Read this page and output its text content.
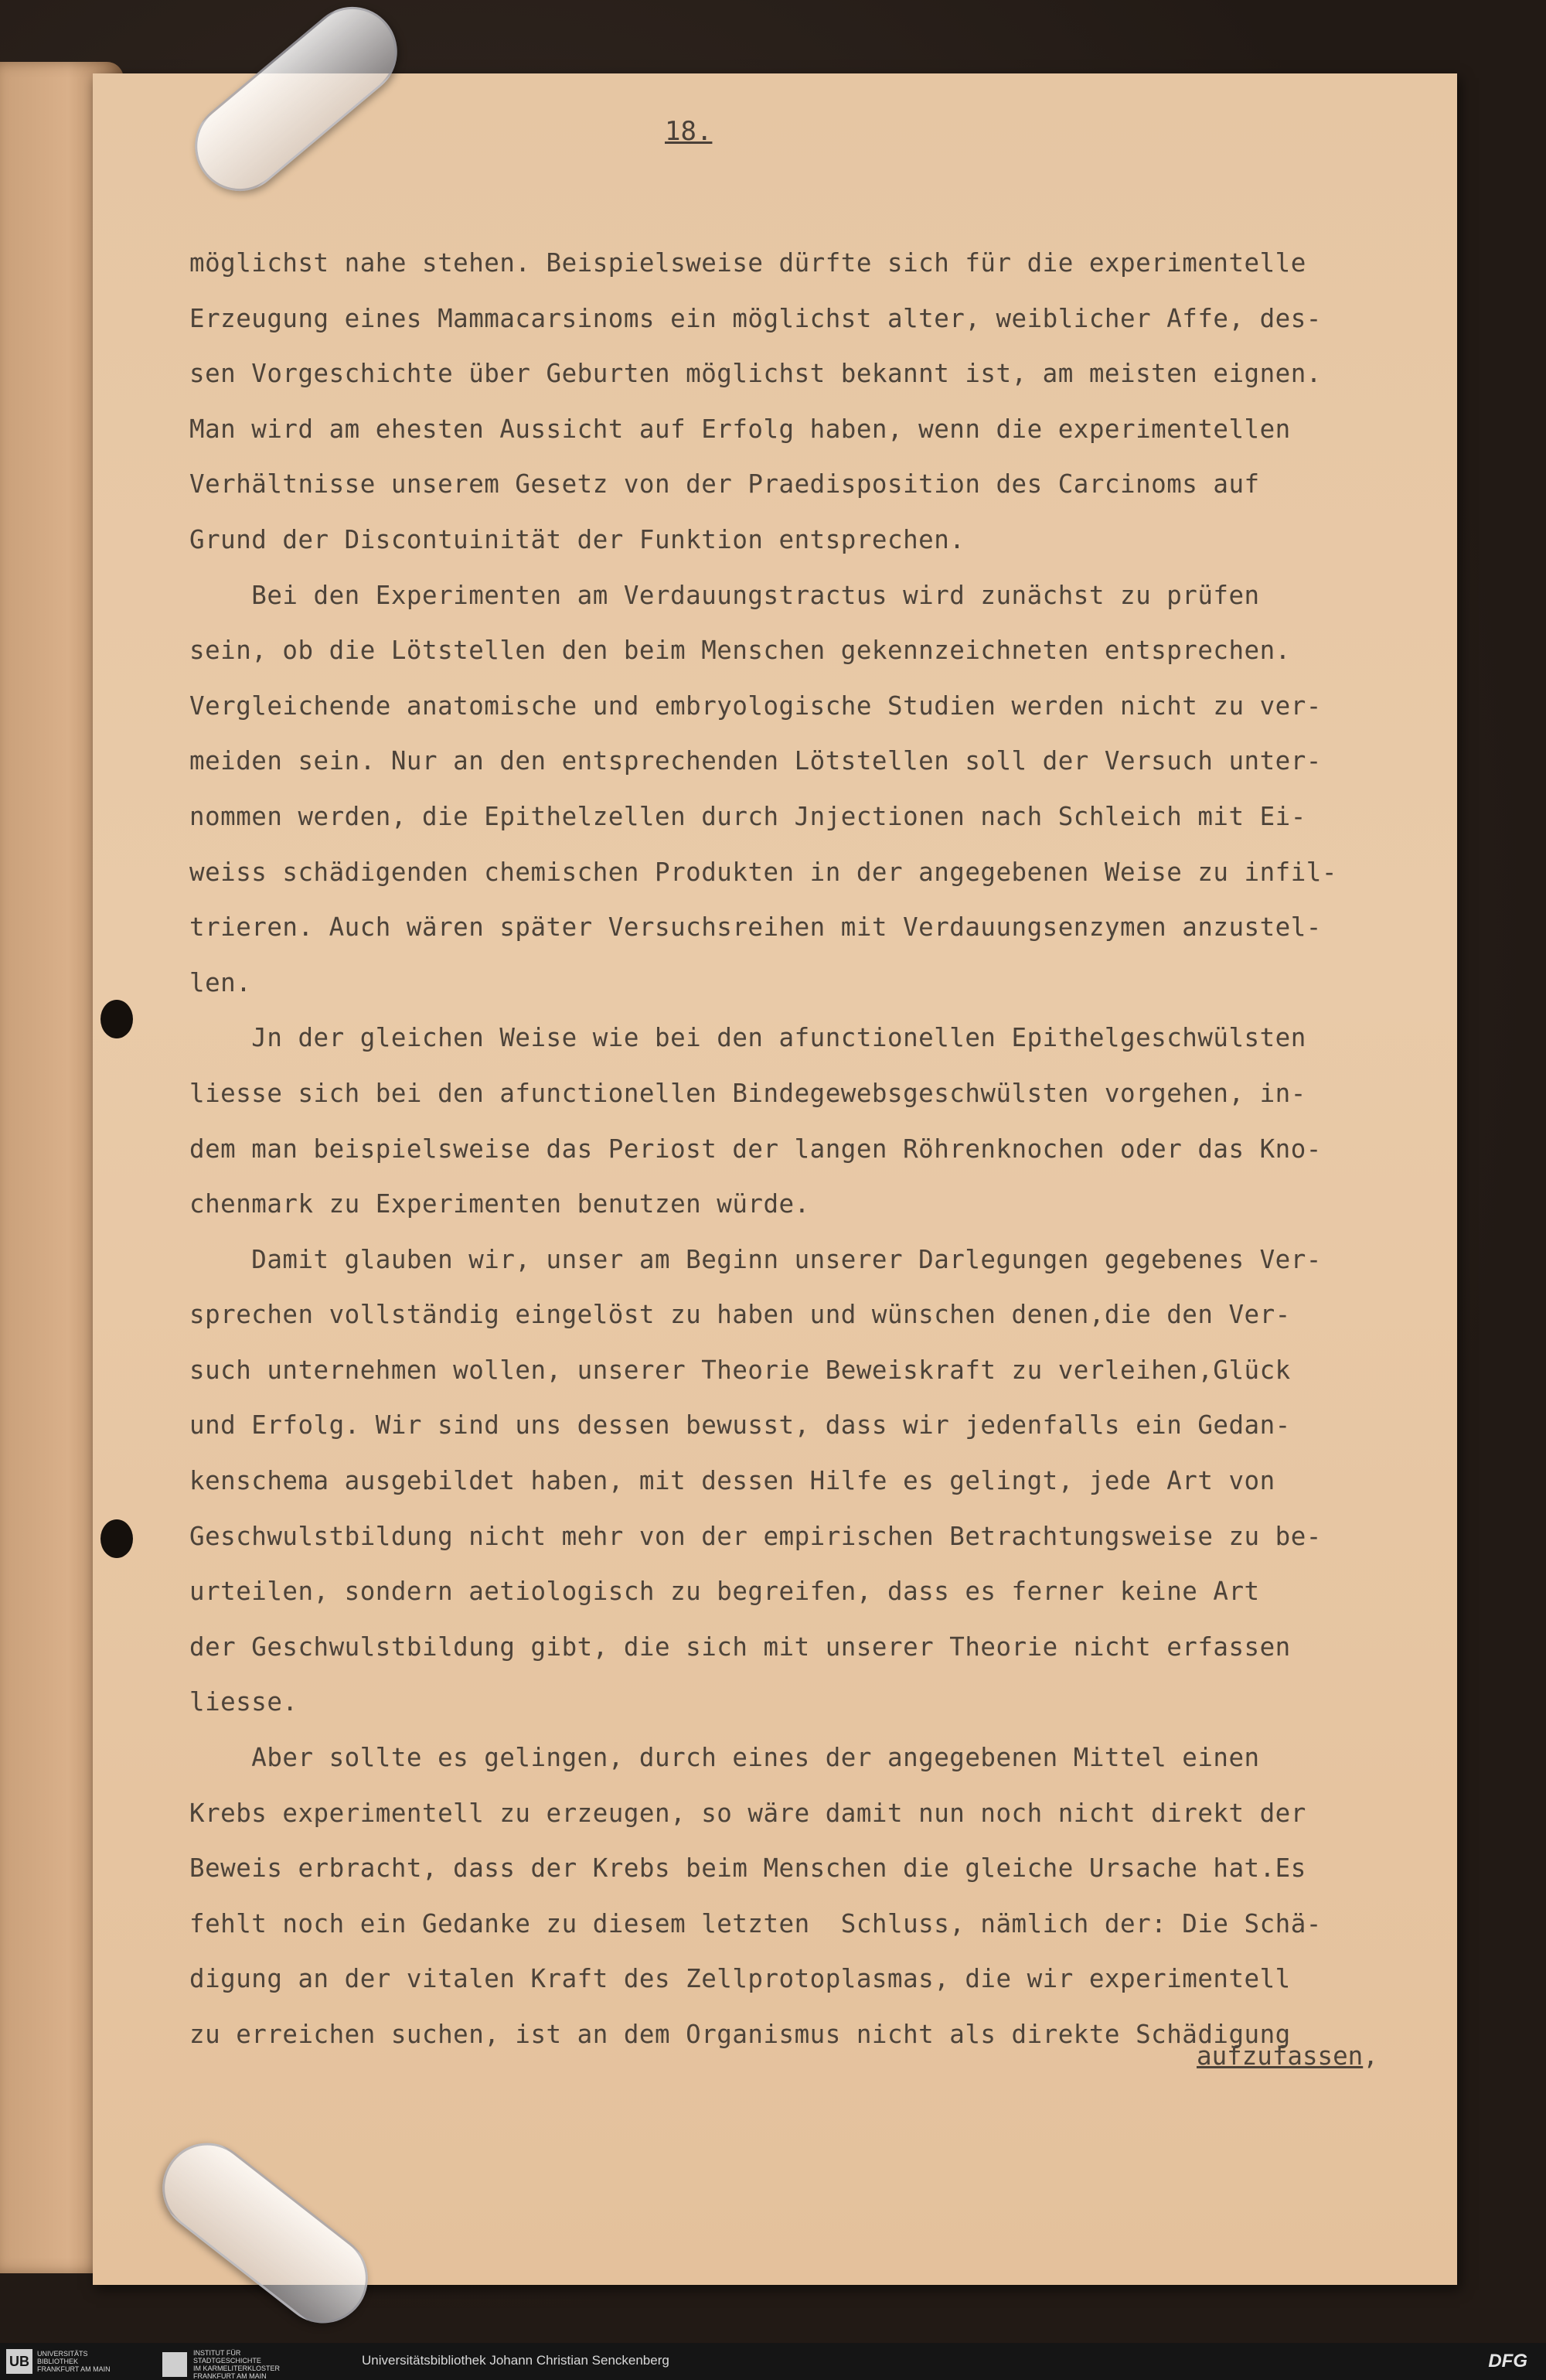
18.
möglichst nahe stehen. Beispielsweise dürfte sich für die experimentelle
Erzeugung eines Mammacarsinoms ein möglichst alter, weiblicher Affe, des-
sen Vorgeschichte über Geburten möglichst bekannt ist, am meisten eignen.
Man wird am ehesten Aussicht auf Erfolg haben, wenn die experimentellen
Verhältnisse unserem Gesetz von der Praedisposition des Carcinoms auf
Grund der Discontuinität der Funktion entsprechen.
Bei den Experimenten am Verdauungstractus wird zunächst zu prüfen
sein, ob die Lötstellen den beim Menschen gekennzeichneten entsprechen.
Vergleichende anatomische und embryologische Studien werden nicht zu ver-
meiden sein. Nur an den entsprechenden Lötstellen soll der Versuch unter-
nommen werden, die Epithelzellen durch Jnjectionen nach Schleich mit Ei-
weiss schädigenden chemischen Produkten in der angegebenen Weise zu infil-
trieren. Auch wären später Versuchsreihen mit Verdauungsenzymen anzustel-
len.
Jn der gleichen Weise wie bei den afunctionellen Epithelgeschwülsten
liesse sich bei den afunctionellen Bindegewebsgeschwülsten vorgehen, in-
dem man beispielsweise das Periost der langen Röhrenknochen oder das Kno-
chenmark zu Experimenten benutzen würde.
Damit glauben wir, unser am Beginn unserer Darlegungen gegebenes Ver-
sprechen vollständig eingelöst zu haben und wünschen denen,die den Ver-
such unternehmen wollen, unserer Theorie Beweiskraft zu verleihen,Glück
und Erfolg. Wir sind uns dessen bewusst, dass wir jedenfalls ein Gedan-
kenschema ausgebildet haben, mit dessen Hilfe es gelingt, jede Art von
Geschwulstbildung nicht mehr von der empirischen Betrachtungsweise zu be-
urteilen, sondern aetiologisch zu begreifen, dass es ferner keine Art
der Geschwulstbildung gibt, die sich mit unserer Theorie nicht erfassen
liesse.
Aber sollte es gelingen, durch eines der angegebenen Mittel einen
Krebs experimentell zu erzeugen, so wäre damit nun noch nicht direkt der
Beweis erbracht, dass der Krebs beim Menschen die gleiche Ursache hat.Es
fehlt noch ein Gedanke zu diesem letzten  Schluss, nämlich der: Die Schä-
digung an der vitalen Kraft des Zellprotoplasmas, die wir experimentell
zu erreichen suchen, ist an dem Organismus nicht als direkte Schädigung
aufzufassen,
UB	UNIVERSITÄTS
BIBLIOTHEK
FRANKFURT AM MAIN
INSTITUT FÜR
STADTGESCHICHTE
IM KARMELITERKLOSTER
FRANKFURT AM MAIN
Universitätsbibliothek Johann Christian Senckenberg	DFG
